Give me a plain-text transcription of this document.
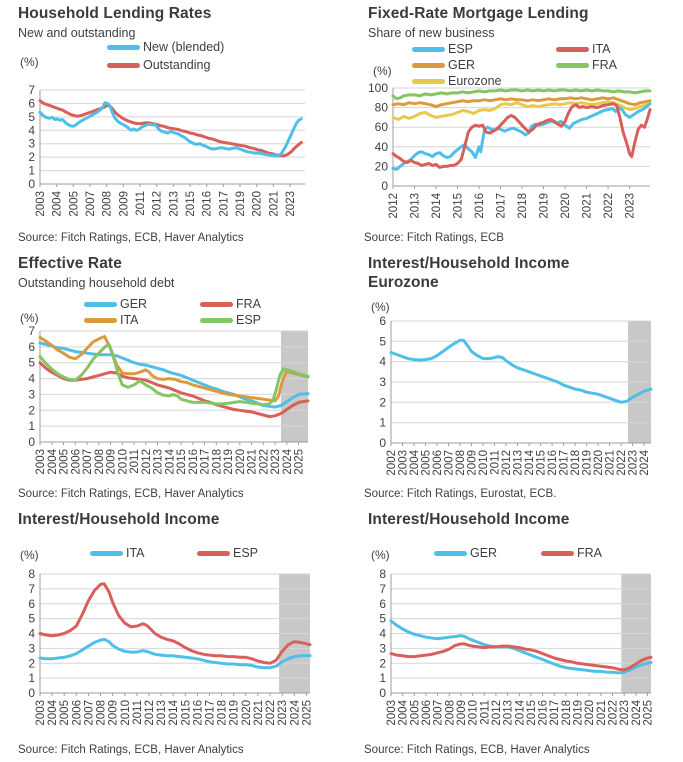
Household Lending Rates
New and outstanding
New (blended)
Outstanding
0
1
2
3
4
5
6
7
2003 2004 2005 2007 2008 2009 2011 2012 2013 2015 2016 2017 2019 2020 2021 2023
(%)
Source: Fitch Ratings, ECB, Haver Analytics
Fixed-Rate Mortgage Lending
Share of new business
ESP
GER
Eurozone
ITA
FRA
0
20
40
60
80
100
2012 2013 2014 2015 2016 2017 2018 2019 2020 2021 2022 2023
(%)
Source: Fitch Ratings, ECB
Effective Rate
Outstanding household debt
GER
ITA
FRA
ESP
0
1
2
3
4
5
6
7
2003 2004 2005 2006 2007 2008 2009 2010 2011 2012 2013 2014 2015 2016 2017 2018 2019 2020 2021 2022 2023 2024 2025
(%)
Source: Fitch Ratings, ECB, Haver Analytics
Interest/Household Income
Eurozone
0
1
2
3
4
5
6
2002 2003 2004 2005 2006 2007 2008 2009 2010 2011 2012 2013 2014 2015 2016 2017 2018 2019 2020 2021 2022 2023 2024
(%)
Source: Fitch Ratings, Eurostat, ECB.
Interest/Household Income
ITA	ESP
0
1
2
3
4
5
6
7
8
2003 2004 2005 2006 2007 2008 2009 2010 2011 2012 2013 2014 2015 2016 2017 2018 2019 2020 2021 2022 2023 2024 2025
(%)
Source: Fitch Ratings, ECB, Haver Analytics
Interest/Household Income
GER	FRA
0
1
2
3
4
5
6
7
8
2003 2004 2005 2006 2007 2008 2009 2010 2011 2012 2013 2014 2015 2016 2017 2018 2019 2020 2021 2022 2023 2024 2025
(%)
Source: Fitch Ratings, ECB, Haver Analytics
